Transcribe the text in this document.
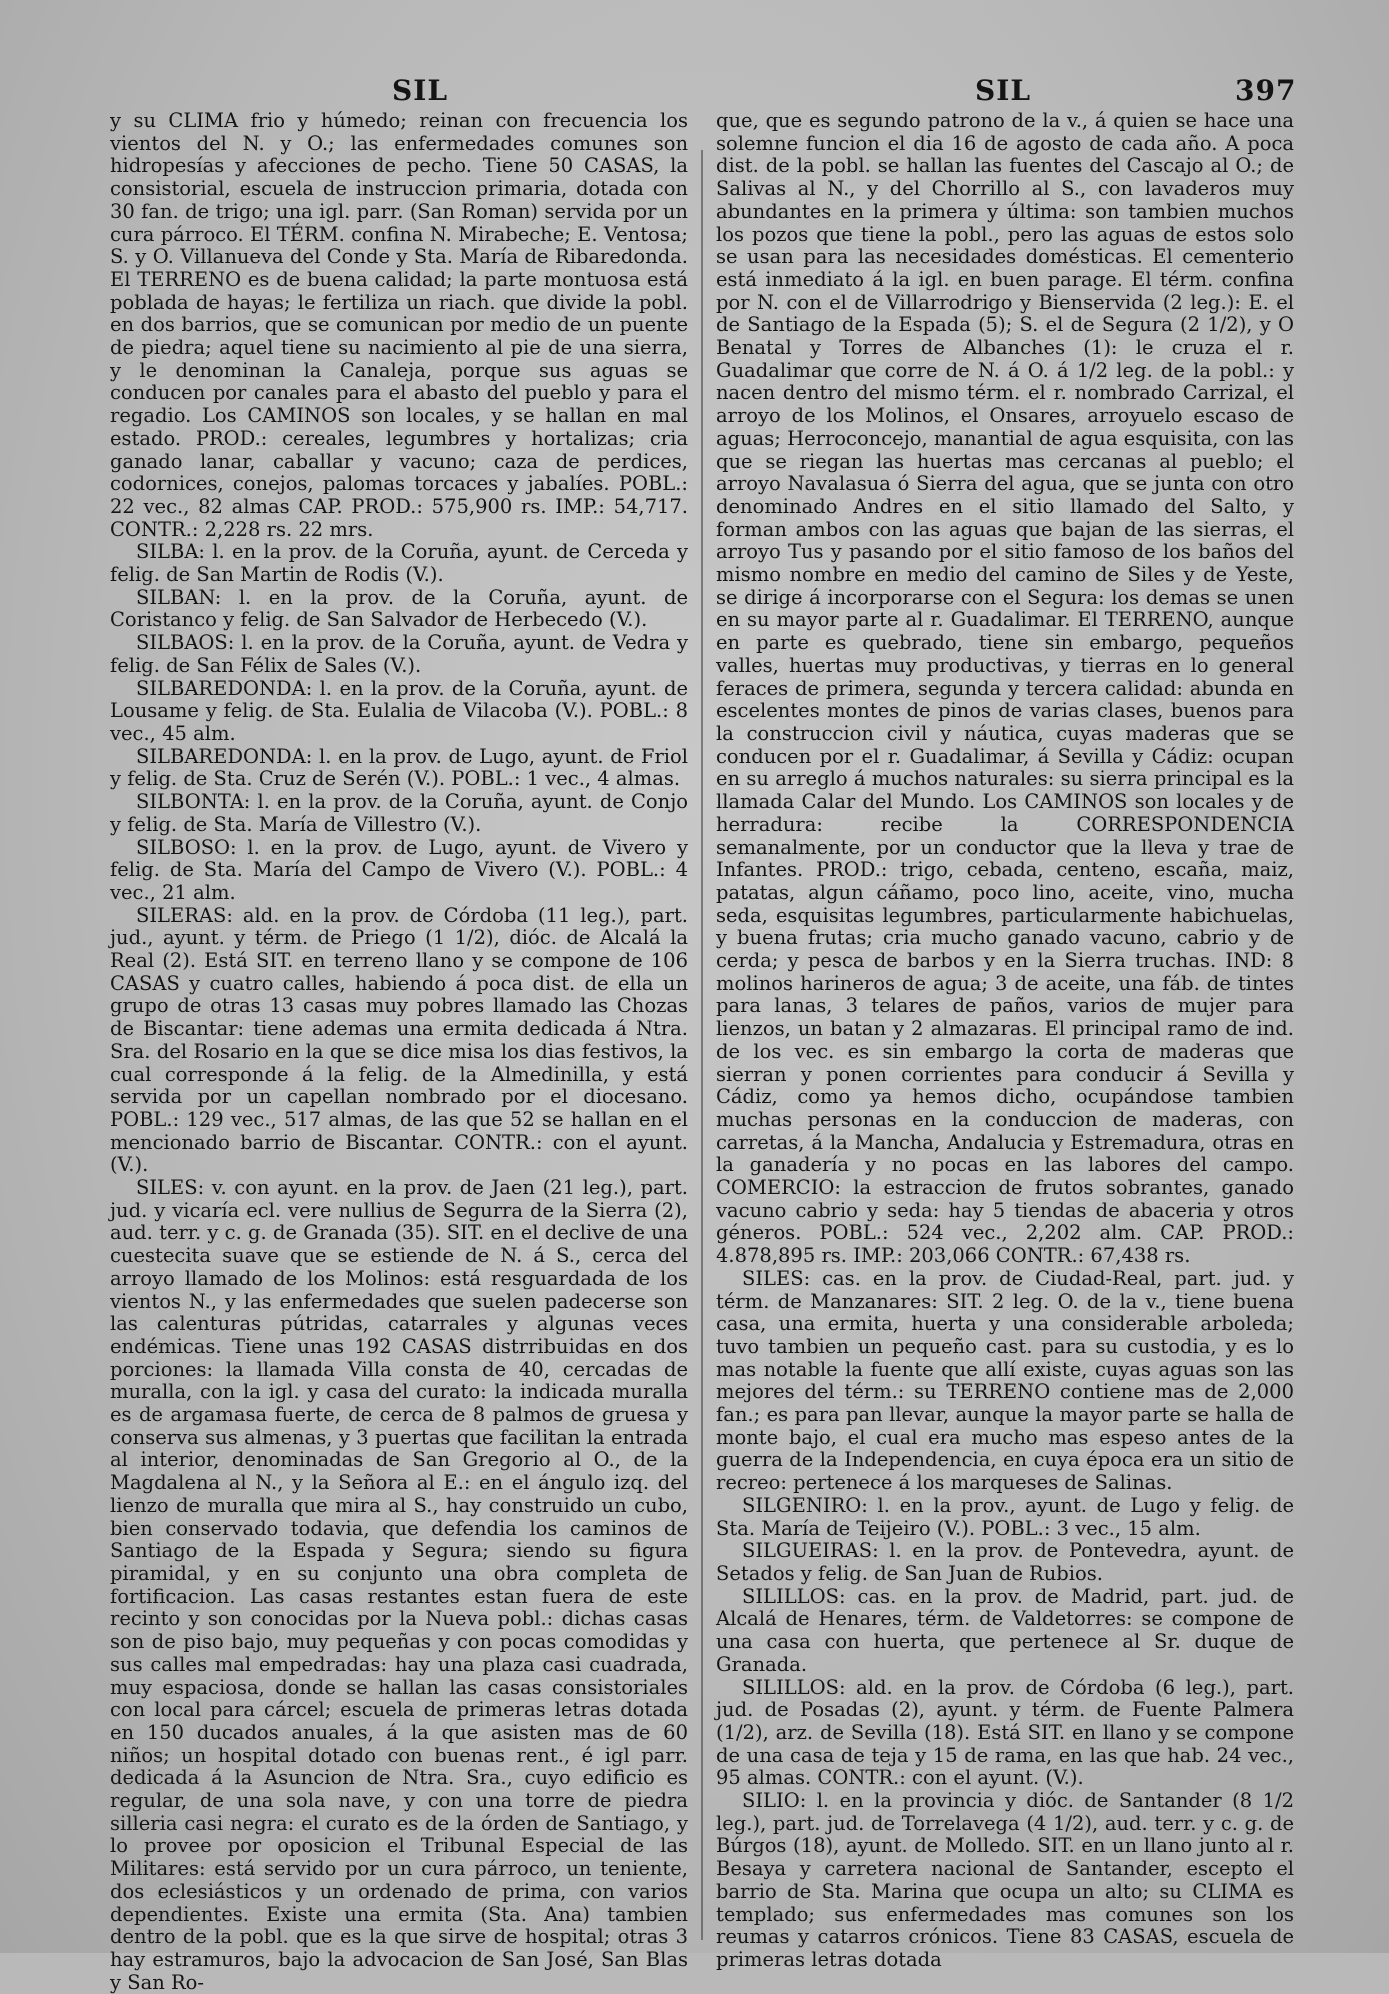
SIL	SIL	397

y su CLIMA frio y húmedo; reinan con frecuencia los vientos del N. y O.; las enfermedades comunes son hidropesías y afecciones de pecho. Tiene 50 CASAS, la consistorial, escuela de instruccion primaria, dotada con 30 fan. de trigo; una igl. parr. (San Roman) servida por un cura párroco. El TÉRM. confina N. Mirabeche; E. Ventosa; S. y O. Villanueva del Conde y Sta. María de Ribaredonda. El TERRENO es de buena calidad; la parte montuosa está poblada de hayas; le fertiliza un riach. que divide la pobl. en dos barrios, que se comunican por medio de un puente de piedra; aquel tiene su nacimiento al pie de una sierra, y le denominan la Canaleja, porque sus aguas se conducen por canales para el abasto del pueblo y para el regadio. Los CAMINOS son locales, y se hallan en mal estado. PROD.: cereales, legumbres y hortalizas; cria ganado lanar, caballar y vacuno; caza de perdices, codornices, conejos, palomas torcaces y jabalíes. POBL.: 22 vec., 82 almas CAP. PROD.: 575,900 rs. IMP.: 54,717. CONTR.: 2,228 rs. 22 mrs.

SILBA: l. en la prov. de la Coruña, ayunt. de Cerceda y felig. de San Martin de Rodis (V.).

SILBAN: l. en la prov. de la Coruña, ayunt. de Coristanco y felig. de San Salvador de Herbecedo (V.).

SILBAOS: l. en la prov. de la Coruña, ayunt. de Vedra y felig. de San Félix de Sales (V.).

SILBAREDONDA: l. en la prov. de la Coruña, ayunt. de Lousame y felig. de Sta. Eulalia de Vilacoba (V.). POBL.: 8 vec., 45 alm.

SILBAREDONDA: l. en la prov. de Lugo, ayunt. de Friol y felig. de Sta. Cruz de Serén (V.). POBL.: 1 vec., 4 almas.

SILBONTA: l. en la prov. de la Coruña, ayunt. de Conjo y felig. de Sta. María de Villestro (V.).

SILBOSO: l. en la prov. de Lugo, ayunt. de Vivero y felig. de Sta. María del Campo de Vivero (V.). POBL.: 4 vec., 21 alm.

SILERAS: ald. en la prov. de Córdoba (11 leg.), part. jud., ayunt. y térm. de Priego (1 1/2), dióc. de Alcalá la Real (2). Está SIT. en terreno llano y se compone de 106 CASAS y cuatro calles, habiendo á poca dist. de ella un grupo de otras 13 casas muy pobres llamado las Chozas de Biscantar: tiene ademas una ermita dedicada á Ntra. Sra. del Rosario en la que se dice misa los dias festivos, la cual corresponde á la felig. de la Almedinilla, y está servida por un capellan nombrado por el diocesano. POBL.: 129 vec., 517 almas, de las que 52 se hallan en el mencionado barrio de Biscantar. CONTR.: con el ayunt. (V.).

SILES: v. con ayunt. en la prov. de Jaen (21 leg.), part. jud. y vicaría ecl. vere nullius de Segurra de la Sierra (2), aud. terr. y c. g. de Granada (35). SIT. en el declive de una cuestecita suave que se estiende de N. á S., cerca del arroyo llamado de los Molinos: está resguardada de los vientos N., y las enfermedades que suelen padecerse son las calenturas pútridas, catarrales y algunas veces endémicas. Tiene unas 192 CASAS distrribuidas en dos porciones: la llamada Villa consta de 40, cercadas de muralla, con la igl. y casa del curato: la indicada muralla es de argamasa fuerte, de cerca de 8 palmos de gruesa y conserva sus almenas, y 3 puertas que facilitan la entrada al interior, denominadas de San Gregorio al O., de la Magdalena al N., y la Señora al E.: en el ángulo izq. del lienzo de muralla que mira al S., hay construido un cubo, bien conservado todavia, que defendia los caminos de Santiago de la Espada y Segura; siendo su figura piramidal, y en su conjunto una obra completa de fortificacion. Las casas restantes estan fuera de este recinto y son conocidas por la Nueva pobl.: dichas casas son de piso bajo, muy pequeñas y con pocas comodidas y sus calles mal empedradas: hay una plaza casi cuadrada, muy espaciosa, donde se hallan las casas consistoriales con local para cárcel; escuela de primeras letras dotada en 150 ducados anuales, á la que asisten mas de 60 niños; un hospital dotado con buenas rent., é igl parr. dedicada á la Asuncion de Ntra. Sra., cuyo edificio es regular, de una sola nave, y con una torre de piedra silleria casi negra: el curato es de la órden de Santiago, y lo provee por oposicion el Tribunal Especial de las Militares: está servido por un cura párroco, un teniente, dos eclesiásticos y un ordenado de prima, con varios dependientes. Existe una ermita (Sta. Ana) tambien dentro de la pobl. que es la que sirve de hospital; otras 3 hay estramuros, bajo la advocacion de San José, San Blas y San Ro-

que, que es segundo patrono de la v., á quien se hace una solemne funcion el dia 16 de agosto de cada año. A poca dist. de la pobl. se hallan las fuentes del Cascajo al O.; de Salivas al N., y del Chorrillo al S., con lavaderos muy abundantes en la primera y última: son tambien muchos los pozos que tiene la pobl., pero las aguas de estos solo se usan para las necesidades domésticas. El cementerio está inmediato á la igl. en buen parage. El térm. confina por N. con el de Villarrodrigo y Bienservida (2 leg.): E. el de Santiago de la Espada (5); S. el de Segura (2 1/2), y O Benatal y Torres de Albanches (1): le cruza el r. Guadalimar que corre de N. á O. á 1/2 leg. de la pobl.: y nacen dentro del mismo térm. el r. nombrado Carrizal, el arroyo de los Molinos, el Onsares, arroyuelo escaso de aguas; Herroconcejo, manantial de agua esquisita, con las que se riegan las huertas mas cercanas al pueblo; el arroyo Navalasua ó Sierra del agua, que se junta con otro denominado Andres en el sitio llamado del Salto, y forman ambos con las aguas que bajan de las sierras, el arroyo Tus y pasando por el sitio famoso de los baños del mismo nombre en medio del camino de Siles y de Yeste, se dirige á incorporarse con el Segura: los demas se unen en su mayor parte al r. Guadalimar. El TERRENO, aunque en parte es quebrado, tiene sin embargo, pequeños valles, huertas muy productivas, y tierras en lo general feraces de primera, segunda y tercera calidad: abunda en escelentes montes de pinos de varias clases, buenos para la construccion civil y náutica, cuyas maderas que se conducen por el r. Guadalimar, á Sevilla y Cádiz: ocupan en su arreglo á muchos naturales: su sierra principal es la llamada Calar del Mundo. Los CAMINOS son locales y de herradura: recibe la CORRESPONDENCIA semanalmente, por un conductor que la lleva y trae de Infantes. PROD.: trigo, cebada, centeno, escaña, maiz, patatas, algun cáñamo, poco lino, aceite, vino, mucha seda, esquisitas legumbres, particularmente habichuelas, y buena frutas; cria mucho ganado vacuno, cabrio y de cerda; y pesca de barbos y en la Sierra truchas. IND: 8 molinos harineros de agua; 3 de aceite, una fáb. de tintes para lanas, 3 telares de paños, varios de mujer para lienzos, un batan y 2 almazaras. El principal ramo de ind. de los vec. es sin embargo la corta de maderas que sierran y ponen corrientes para conducir á Sevilla y Cádiz, como ya hemos dicho, ocupándose tambien muchas personas en la conduccion de maderas, con carretas, á la Mancha, Andalucia y Estremadura, otras en la ganadería y no pocas en las labores del campo. COMERCIO: la estraccion de frutos sobrantes, ganado vacuno cabrio y seda: hay 5 tiendas de abaceria y otros géneros. POBL.: 524 vec., 2,202 alm. CAP. PROD.: 4.878,895 rs. IMP.: 203,066 CONTR.: 67,438 rs.

SILES: cas. en la prov. de Ciudad-Real, part. jud. y térm. de Manzanares: SIT. 2 leg. O. de la v., tiene buena casa, una ermita, huerta y una considerable arboleda; tuvo tambien un pequeño cast. para su custodia, y es lo mas notable la fuente que allí existe, cuyas aguas son las mejores del térm.: su TERRENO contiene mas de 2,000 fan.; es para pan llevar, aunque la mayor parte se halla de monte bajo, el cual era mucho mas espeso antes de la guerra de la Independencia, en cuya época era un sitio de recreo: pertenece á los marqueses de Salinas.

SILGENIRO: l. en la prov., ayunt. de Lugo y felig. de Sta. María de Teijeiro (V.). POBL.: 3 vec., 15 alm.

SILGUEIRAS: l. en la prov. de Pontevedra, ayunt. de Setados y felig. de San Juan de Rubios.

SILILLOS: cas. en la prov. de Madrid, part. jud. de Alcalá de Henares, térm. de Valdetorres: se compone de una casa con huerta, que pertenece al Sr. duque de Granada.

SILILLOS: ald. en la prov. de Córdoba (6 leg.), part. jud. de Posadas (2), ayunt. y térm. de Fuente Palmera (1/2), arz. de Sevilla (18). Está SIT. en llano y se compone de una casa de teja y 15 de rama, en las que hab. 24 vec., 95 almas. CONTR.: con el ayunt. (V.).

SILIO: l. en la provincia y dióc. de Santander (8 1/2 leg.), part. jud. de Torrelavega (4 1/2), aud. terr. y c. g. de Búrgos (18), ayunt. de Molledo. SIT. en un llano junto al r. Besaya y carretera nacional de Santander, escepto el barrio de Sta. Marina que ocupa un alto; su CLIMA es templado; sus enfermedades mas comunes son los reumas y catarros crónicos. Tiene 83 CASAS, escuela de primeras letras dotada
